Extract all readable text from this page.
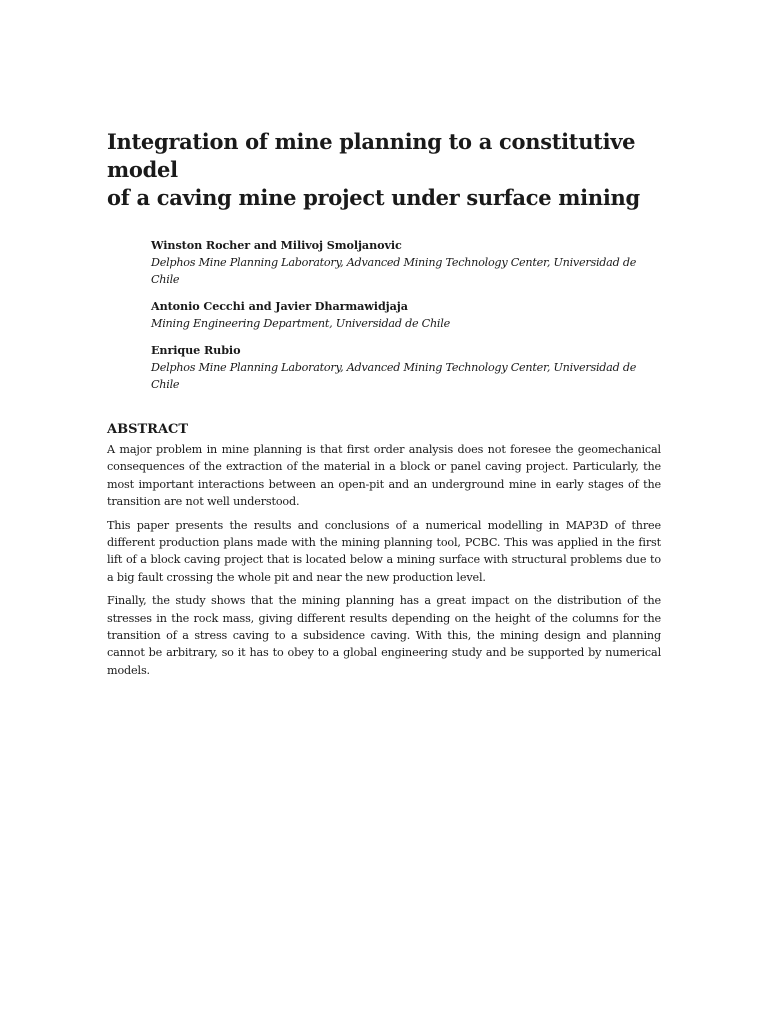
Integration of mine planning to a constitutive model
of a caving mine project under surface mining
Winston Rocher and Milivoj Smoljanovic
Delphos Mine Planning Laboratory, Advanced Mining Technology Center, Universidad de Chile
Antonio Cecchi and Javier Dharmawidjaja
Mining Engineering Department, Universidad de Chile
Enrique Rubio
Delphos Mine Planning Laboratory, Advanced Mining Technology Center, Universidad de Chile
ABSTRACT

A major problem in mine planning is that first order analysis does not foresee the geomechanical consequences of the extraction of the material in a block or panel caving project. Particularly, the most important interactions between an open-pit and an underground mine in early stages of the transition are not well understood.

This paper presents the results and conclusions of a numerical modelling in MAP3D of three different production plans made with the mining planning tool, PCBC. This was applied in the first lift of a block caving project that is located below a mining surface with structural problems due to a big fault crossing the whole pit and near the new production level.

Finally, the study shows that the mining planning has a great impact on the distribution of the stresses in the rock mass, giving different results depending on the height of the columns for the transition of a stress caving to a subsidence caving. With this, the mining design and planning cannot be arbitrary, so it has to obey to a global engineering study and be supported by numerical models.
